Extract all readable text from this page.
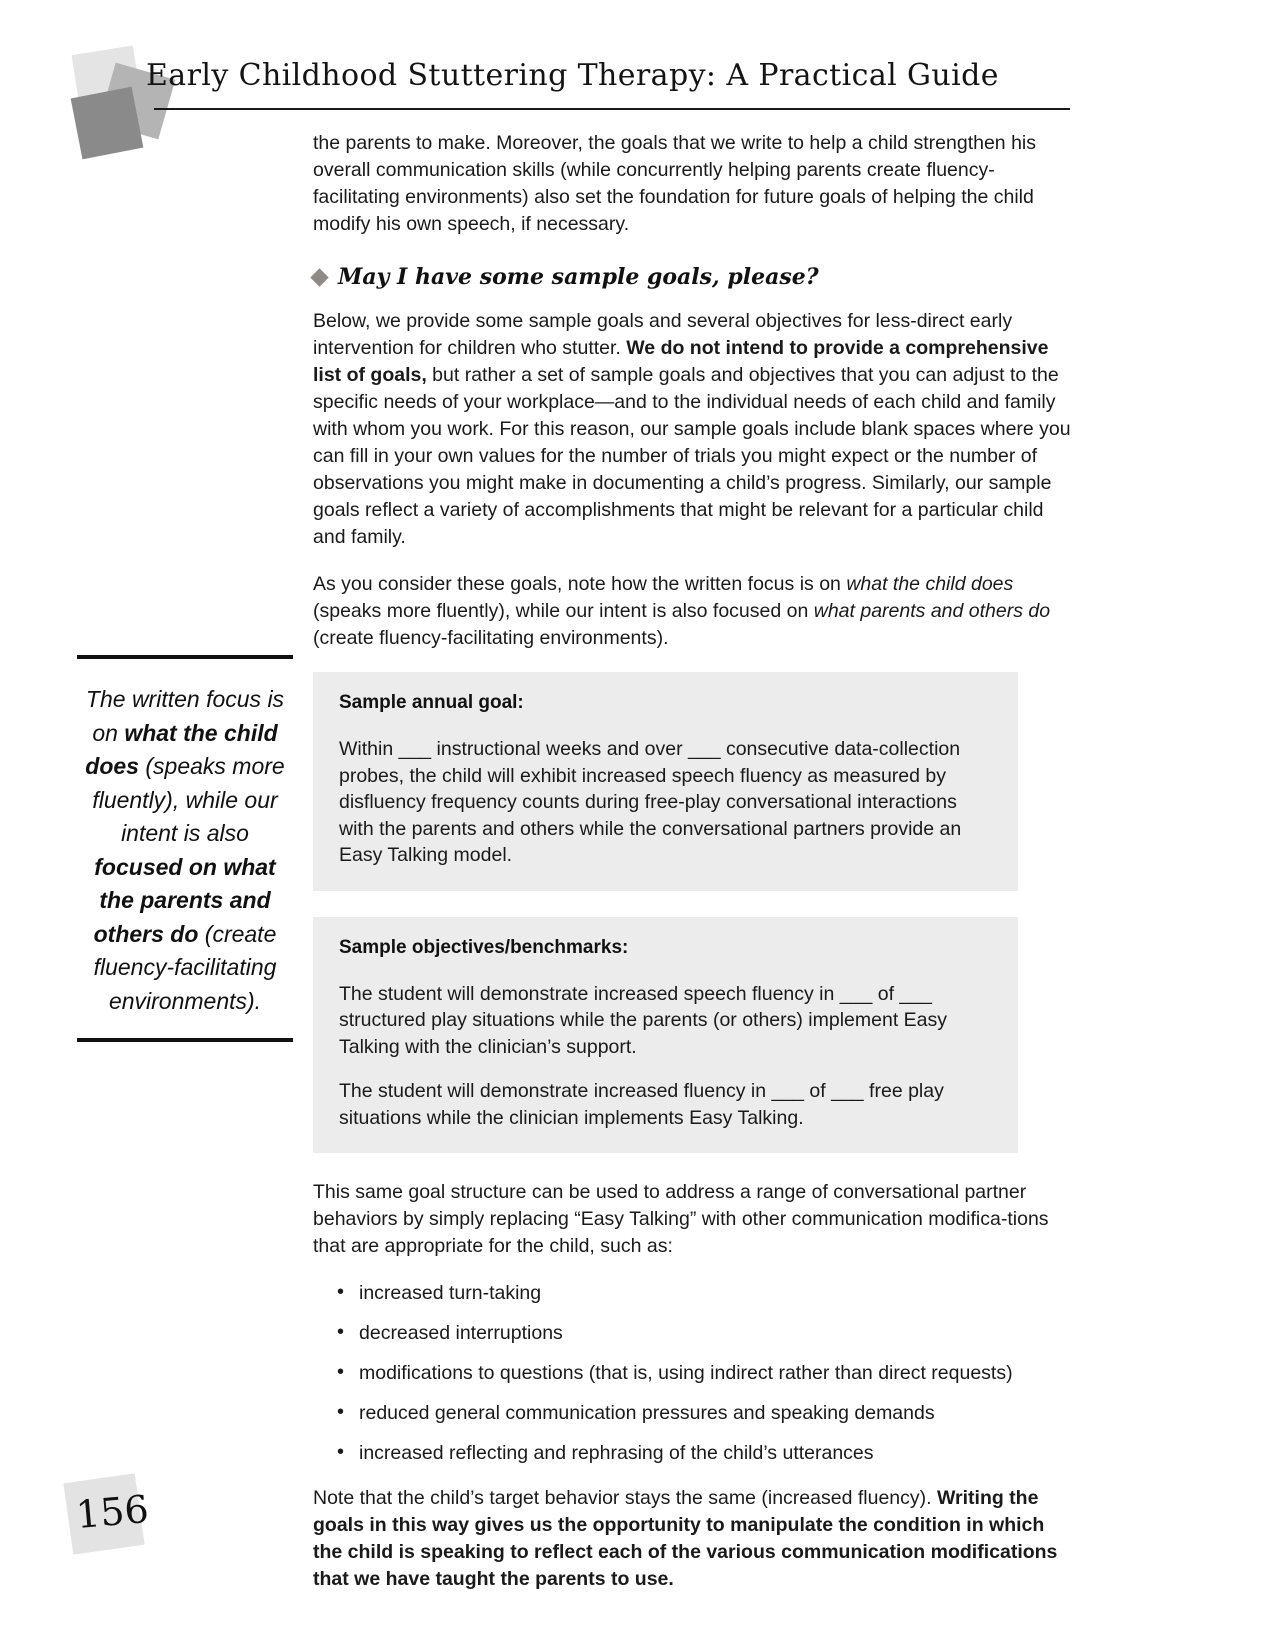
Early Childhood Stuttering Therapy: A Practical Guide
The written focus is on what the child does (speaks more fluently), while our intent is also focused on what the parents and others do (create fluency-facilitating environments).

the parents to make. Moreover, the goals that we write to help a child strengthen his overall communication skills (while concurrently helping parents create fluency- facilitating environments) also set the foundation for future goals of helping the child modify his own speech, if necessary.

May I have some sample goals, please?

Below, we provide some sample goals and several objectives for less-direct early intervention for children who stutter. We do not intend to provide a comprehensive list of goals, but rather a set of sample goals and objectives that you can adjust to the specific needs of your workplace—and to the individual needs of each child and family with whom you work. For this reason, our sample goals include blank spaces where you can fill in your own values for the number of trials you might expect or the number of observations you might make in documenting a child’s progress. Similarly, our sample goals reflect a variety of accomplishments that might be relevant for a particular child and family.

As you consider these goals, note how the written focus is on what the child does (speaks more fluently), while our intent is also focused on what parents and others do (create fluency-facilitating environments).

Sample annual goal:

Within ___ instructional weeks and over ___ consecutive data-collection probes, the child will exhibit increased speech fluency as measured by disfluency frequency counts during free-play conversational interactions with the parents and others while the conversational partners provide an Easy Talking model.

Sample objectives/benchmarks:

The student will demonstrate increased speech fluency in ___ of ___ structured play situations while the parents (or others) implement Easy Talking with the clinician’s support.

The student will demonstrate increased fluency in ___ of ___ free play situations while the clinician implements Easy Talking.

This same goal structure can be used to address a range of conversational partner behaviors by simply replacing “Easy Talking” with other communication modifica-tions that are appropriate for the child, such as:

• increased turn-taking
• decreased interruptions
• modifications to questions (that is, using indirect rather than direct requests)
• reduced general communication pressures and speaking demands
• increased reflecting and rephrasing of the child’s utterances

Note that the child’s target behavior stays the same (increased fluency). Writing the goals in this way gives us the opportunity to manipulate the condition in which the child is speaking to reflect each of the various communication modifications that we have taught the parents to use.

156
